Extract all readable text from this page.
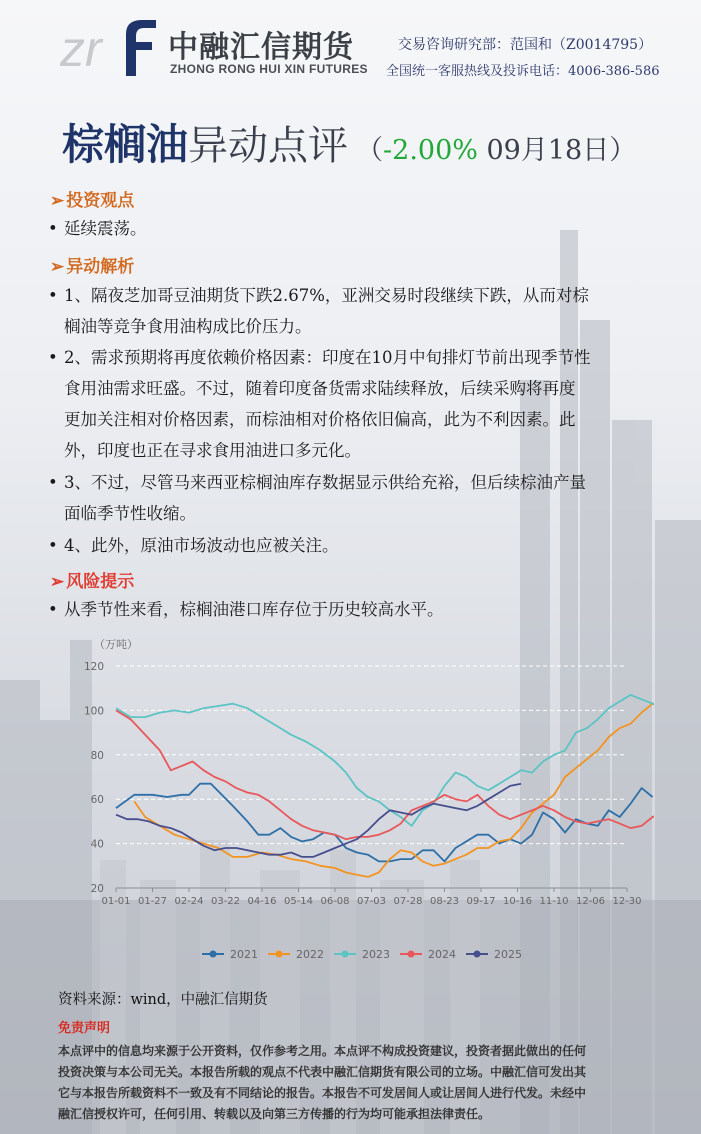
zr 中融汇信期货
ZHONG RONG HUI XIN FUTURES
交易咨询研究部：范国和（Z0014795）
全国统一客服热线及投诉电话：4006-386-586
棕榈油异动点评 （-2.00% 09月18日）
➢ 投资观点
• 延续震荡。
➢ 异动解析
• 1、隔夜芝加哥豆油期货下跌2.67%，亚洲交易时段继续下跌，从而对棕
榈油等竞争食用油构成比价压力。
• 2、需求预期将再度依赖价格因素：印度在10月中旬排灯节前出现季节性
食用油需求旺盛。不过，随着印度备货需求陆续释放，后续采购将再度
更加关注相对价格因素，而棕油相对价格依旧偏高，此为不利因素。此
外，印度也正在寻求食用油进口多元化。
• 3、不过，尽管马来西亚棕榈油库存数据显示供给充裕，但后续棕油产量
面临季节性收缩。
• 4、此外，原油市场波动也应被关注。
➢ 风险提示
• 从季节性来看，棕榈油港口库存位于历史较高水平。
（万吨）
20
40
60
80
100
120
01-01 01-27 02-24 03-22 04-16 05-14 06-08 07-03 07-28 08-23 09-17 10-16 11-10 12-06 12-30
2021	2022	2023	2024	2025
资料来源：wind，中融汇信期货
免责声明
本点评中的信息均来源于公开资料，仅作参考之用。本点评不构成投资建议，投资者据此做出的任何
投资决策与本公司无关。本报告所载的观点不代表中融汇信期货有限公司的立场。中融汇信可发出其
它与本报告所载资料不一致及有不同结论的报告。本报告不可发居间人或让居间人进行代发。未经中
融汇信授权许可，任何引用、转载以及向第三方传播的行为均可能承担法律责任。
